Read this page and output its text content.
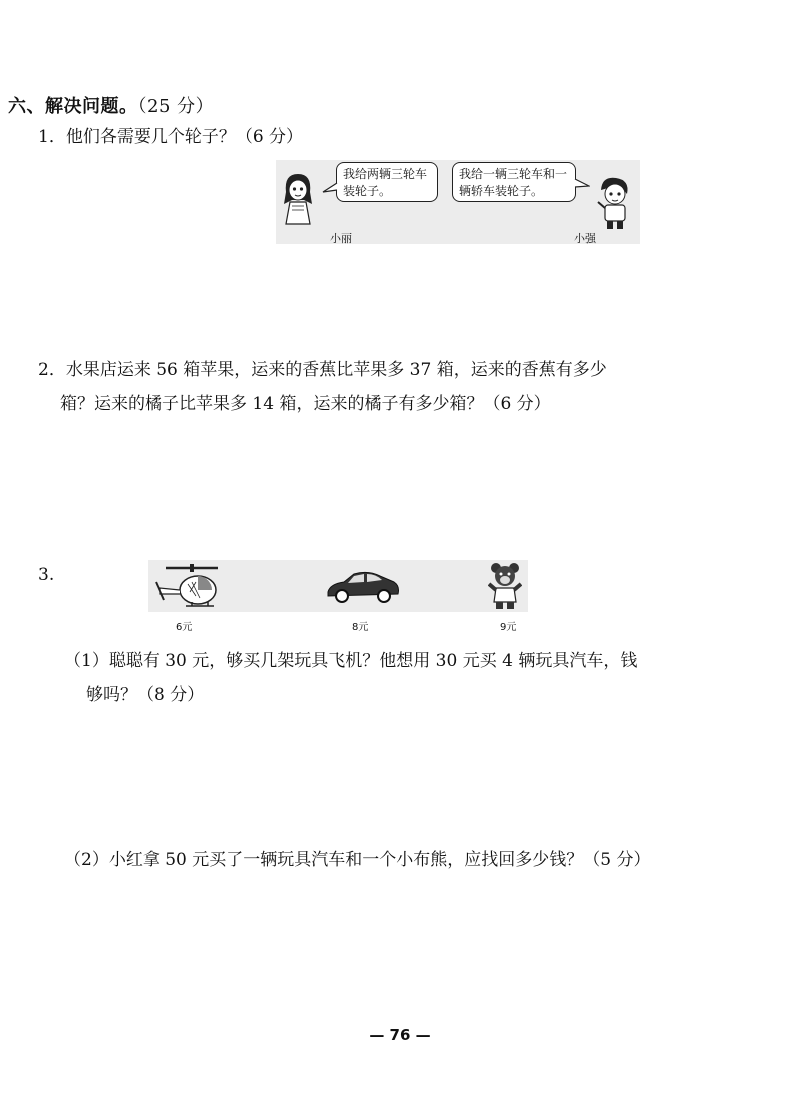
六、解决问题。（25 分）
1．他们各需要几个轮子？（6 分）
我给两辆三轮车装轮子。
小丽
我给一辆三轮车和一辆轿车装轮子。
小强
2．水果店运来 56 箱苹果，运来的香蕉比苹果多 37 箱，运来的香蕉有多少

箱？运来的橘子比苹果多 14 箱，运来的橘子有多少箱？（6 分）
3.
6元	8元	9元
（1）聪聪有 30 元，够买几架玩具飞机？他想用 30 元买 4 辆玩具汽车，钱

够吗？（8 分）
（2）小红拿 50 元买了一辆玩具汽车和一个小布熊，应找回多少钱？（5 分）
— 76 —
